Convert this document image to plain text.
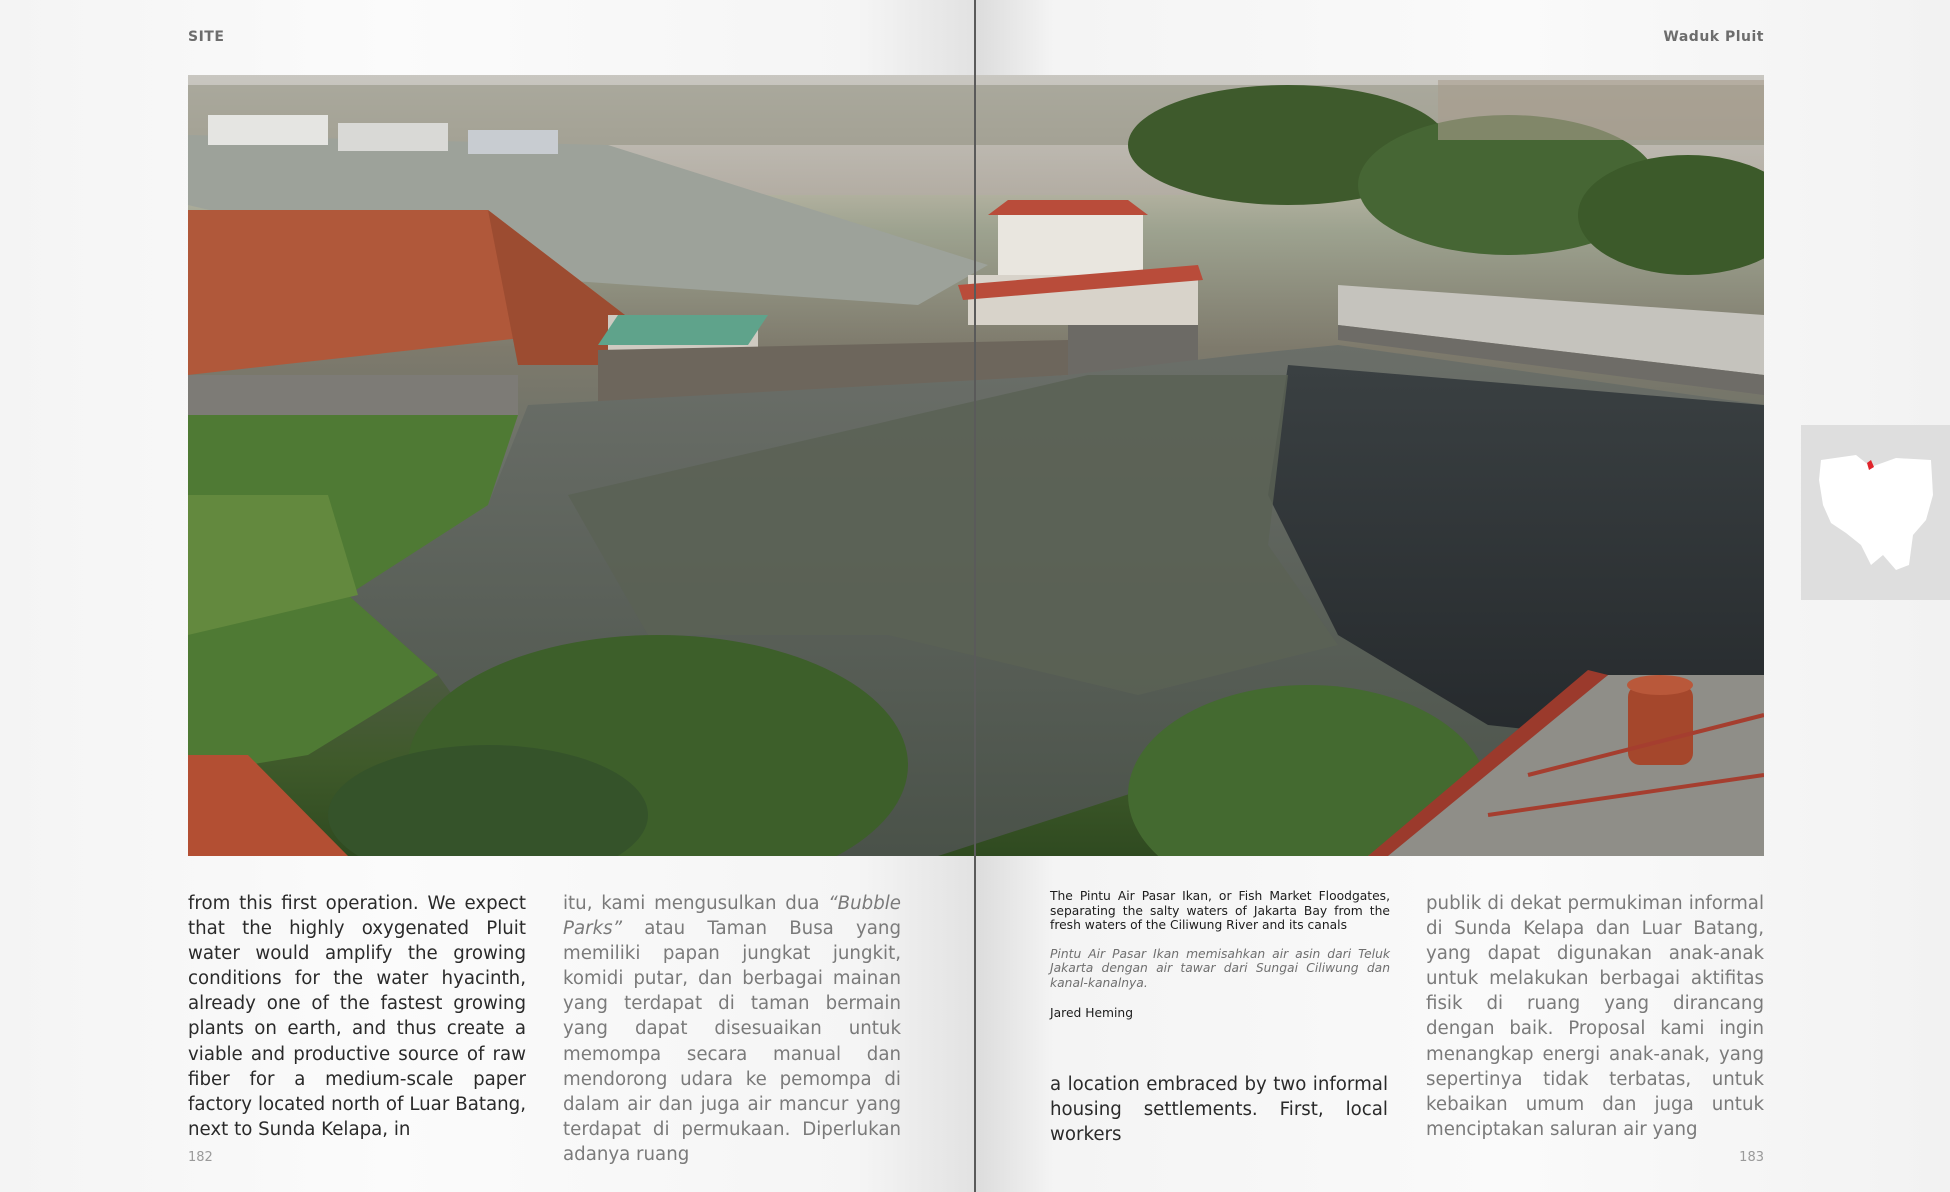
SITE	Waduk Pluit

from this first operation. We expect that the highly oxygenated Pluit water would amplify the growing conditions for the water hyacinth, already one of the fastest growing plants on earth, and thus create a viable and productive source of raw fiber for a medium-scale paper factory located north of Luar Batang, next to Sunda Kelapa, in

itu, kami mengusulkan dua “Bubble Parks” atau Taman Busa yang memiliki papan jungkat jungkit, komidi putar, dan berbagai mainan yang terdapat di taman bermain yang dapat disesuaikan untuk memompa secara manual dan mendorong udara ke pemompa di dalam air dan juga air mancur yang terdapat di permukaan. Diperlukan adanya ruang

The Pintu Air Pasar Ikan, or Fish Market Floodgates, separating the salty waters of Jakarta Bay from the fresh waters of the Ciliwung River and its canals

Pintu Air Pasar Ikan memisahkan air asin dari Teluk Jakarta dengan air tawar dari Sungai Ciliwung dan kanal-kanalnya.

Jared Heming

a location embraced by two informal housing settlements. First, local workers

publik di dekat permukiman informal di Sunda Kelapa dan Luar Batang, yang dapat digunakan anak-anak untuk melakukan berbagai aktifitas fisik di ruang yang dirancang dengan baik. Proposal kami ingin menangkap energi anak-anak, yang sepertinya tidak terbatas, untuk kebaikan umum dan juga untuk menciptakan saluran air yang

182	183
